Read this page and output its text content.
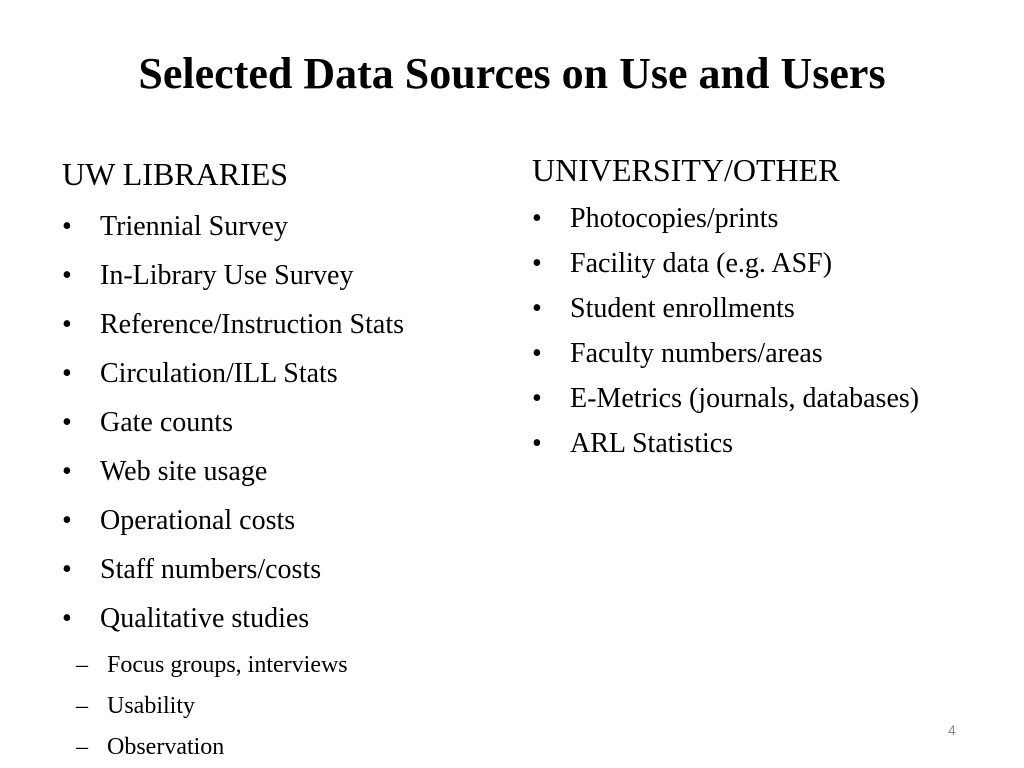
Selected Data Sources on Use and Users
UW LIBRARIES
• Triennial Survey
• In-Library Use Survey
• Reference/Instruction Stats
• Circulation/ILL Stats
• Gate counts
• Web site usage
• Operational costs
• Staff numbers/costs
• Qualitative studies
– Focus groups, interviews
– Usability
– Observation
UNIVERSITY/OTHER
• Photocopies/prints
• Facility data (e.g. ASF)
• Student enrollments
• Faculty numbers/areas
• E-Metrics (journals, databases)
• ARL Statistics
4
